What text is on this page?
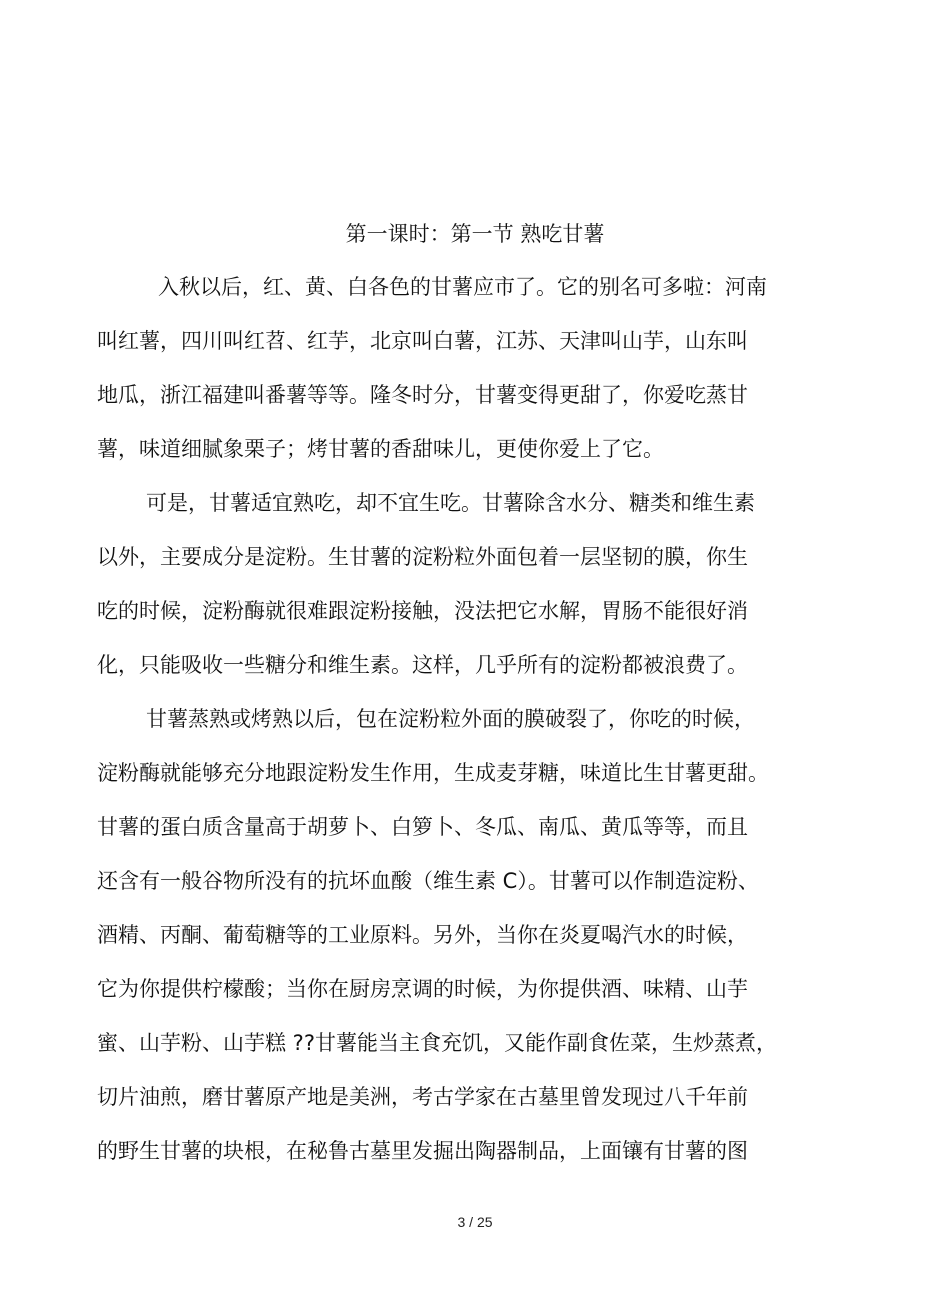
第一课时：第一节 熟吃甘薯
入秋以后，红、黄、白各色的甘薯应市了。它的别名可多啦：河南
叫红薯，四川叫红苕、红芋，北京叫白薯，江苏、天津叫山芋，山东叫
地瓜，浙江福建叫番薯等等。隆冬时分，甘薯变得更甜了，你爱吃蒸甘
薯，味道细腻象栗子；烤甘薯的香甜味儿，更使你爱上了它。
可是，甘薯适宜熟吃，却不宜生吃。甘薯除含水分、糖类和维生素
以外，主要成分是淀粉。生甘薯的淀粉粒外面包着一层坚韧的膜，你生
吃的时候，淀粉酶就很难跟淀粉接触，没法把它水解，胃肠不能很好消
化，只能吸收一些糖分和维生素。这样，几乎所有的淀粉都被浪费了。
甘薯蒸熟或烤熟以后，包在淀粉粒外面的膜破裂了，你吃的时候，
淀粉酶就能够充分地跟淀粉发生作用，生成麦芽糖，味道比生甘薯更甜。
甘薯的蛋白质含量高于胡萝卜、白箩卜、冬瓜、南瓜、黄瓜等等，而且
还含有一般谷物所没有的抗坏血酸（维生素 C）。甘薯可以作制造淀粉、
酒精、丙酮、葡萄糖等的工业原料。另外，当你在炎夏喝汽水的时候，
它为你提供柠檬酸；当你在厨房烹调的时候，为你提供酒、味精、山芋
蜜、山芋粉、山芋糕 ??甘薯能当主食充饥，又能作副食佐菜，生炒蒸煮，
切片油煎，磨甘薯原产地是美洲，考古学家在古墓里曾发现过八千年前
的野生甘薯的块根，在秘鲁古墓里发掘出陶器制品，上面镶有甘薯的图
3 / 25
